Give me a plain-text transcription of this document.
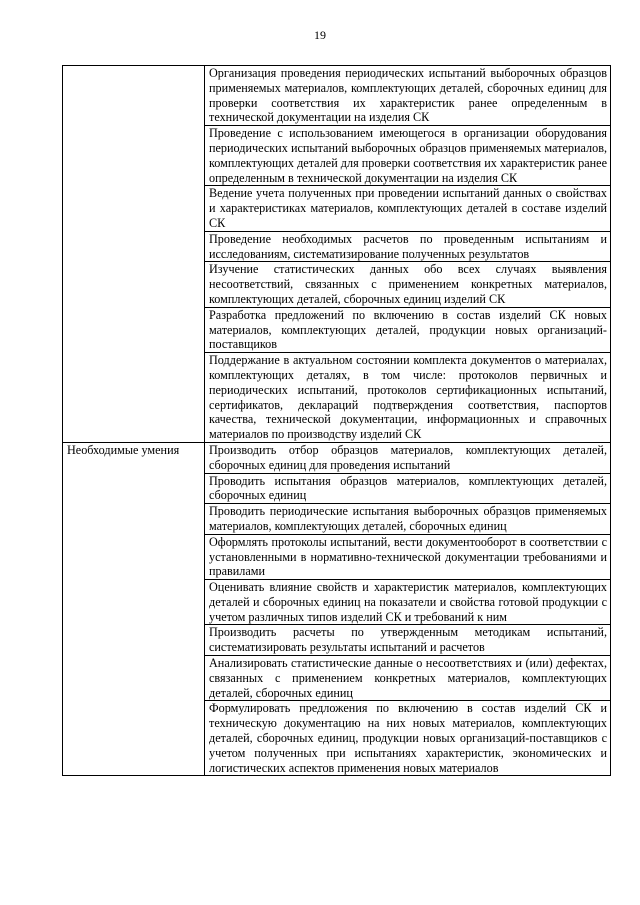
19
	Организация проведения периодических испытаний выборочных образцов применяемых материалов, комплектующих деталей, сборочных единиц для проверки соответствия их характеристик ранее определенным в технической документации на изделия СК
	Проведение с использованием имеющегося в организации оборудования периодических испытаний выборочных образцов применяемых материалов, комплектующих деталей для проверки соответствия их характеристик ранее определенным в технической документации на изделия СК
	Ведение учета полученных при проведении испытаний данных о свойствах и характеристиках материалов, комплектующих деталей в составе изделий СК
	Проведение необходимых расчетов по проведенным испытаниям и исследованиям, систематизирование полученных результатов
	Изучение статистических данных обо всех случаях выявления несоответствий, связанных с применением конкретных материалов, комплектующих деталей, сборочных единиц изделий СК
	Разработка предложений по включению в состав изделий СК новых материалов, комплектующих деталей, продукции новых организаций-поставщиков
	Поддержание в актуальном состоянии комплекта документов о материалах, комплектующих деталях, в том числе: протоколов первичных и периодических испытаний, протоколов сертификационных испытаний, сертификатов, деклараций подтверждения соответствия, паспортов качества, технической документации, информационных и справочных материалов по производству изделий СК
Необходимые умения	Производить отбор образцов материалов, комплектующих деталей, сборочных единиц для проведения испытаний
	Проводить испытания образцов материалов, комплектующих деталей, сборочных единиц
	Проводить периодические испытания выборочных образцов применяемых материалов, комплектующих деталей, сборочных единиц
	Оформлять протоколы испытаний, вести документооборот в соответствии с установленными в нормативно-технической документации требованиями и правилами
	Оценивать влияние свойств и характеристик материалов, комплектующих деталей и сборочных единиц на показатели и свойства готовой продукции с учетом различных типов изделий СК и требований к ним
	Производить расчеты по утвержденным методикам испытаний, систематизировать результаты испытаний и расчетов
	Анализировать статистические данные о несоответствиях и (или) дефектах, связанных с применением конкретных материалов, комплектующих деталей, сборочных единиц
	Формулировать предложения по включению в состав изделий СК и техническую документацию на них новых материалов, комплектующих деталей, сборочных единиц, продукции новых организаций-поставщиков с учетом полученных при испытаниях характеристик, экономических и логистических аспектов применения новых материалов
